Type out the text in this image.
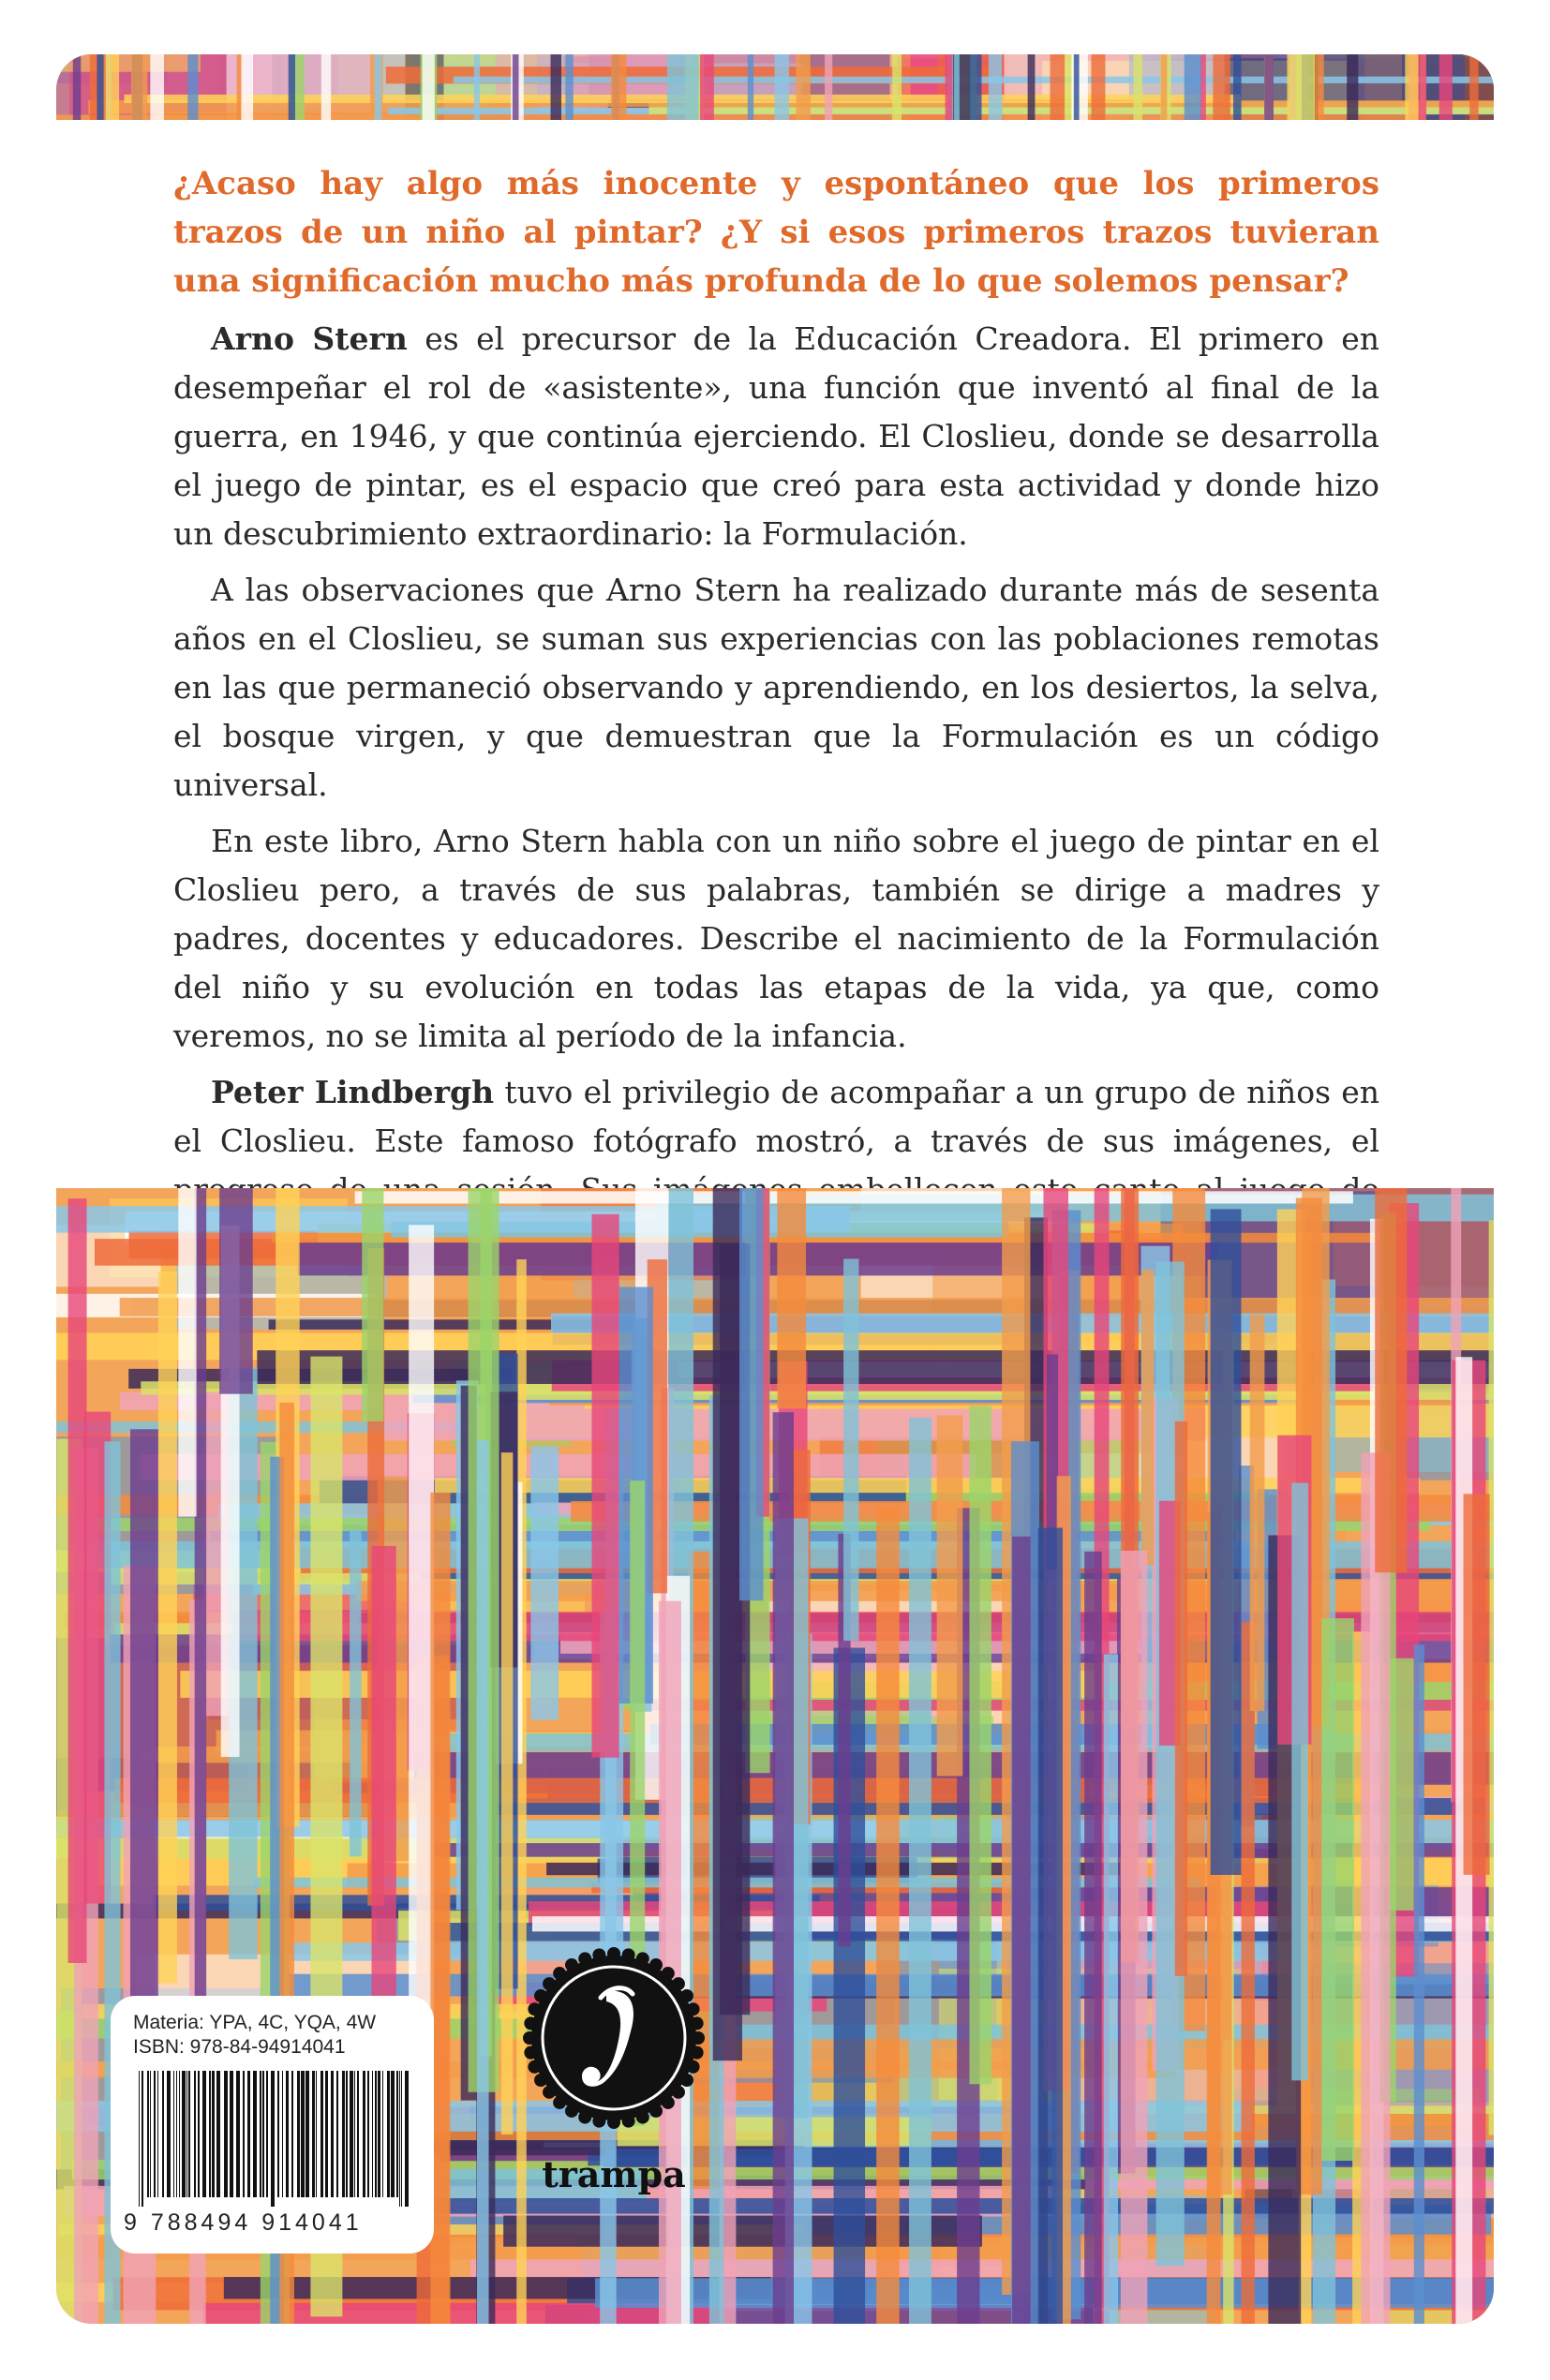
¿Acaso hay algo más inocente y espontáneo que los primeros trazos de un niño al pintar? ¿Y si esos primeros trazos tuvieran una significación mucho más profunda de lo que solemos pensar?

Arno Stern es el precursor de la Educación Creadora. El primero en desempeñar el rol de «asistente», una función que inventó al final de la guerra, en 1946, y que continúa ejerciendo. El Closlieu, donde se desarrolla el juego de pintar, es el espacio que creó para esta actividad y donde hizo un descubrimiento extraordinario: la Formulación.

A las observaciones que Arno Stern ha realizado durante más de sesenta años en el Closlieu, se suman sus experiencias con las poblaciones remotas en las que permaneció observando y aprendiendo, en los desiertos, la selva, el bosque virgen, y que demuestran que la Formulación es un código universal.

En este libro, Arno Stern habla con un niño sobre el juego de pintar en el Closlieu pero, a través de sus palabras, también se dirige a madres y padres, docentes y educadores. Describe el nacimiento de la Formulación del niño y su evolución en todas las etapas de la vida, ya que, como veremos, no se limita al período de la infancia.

Peter Lindbergh tuvo el privilegio de acompañar a un grupo de niños en el Closlieu. Este famoso fotógrafo mostró, a través de sus imágenes, el

Materia: YPA, 4C, YQA, 4W
ISBN: 978-84-94914041
9 788494 914041
trampa
